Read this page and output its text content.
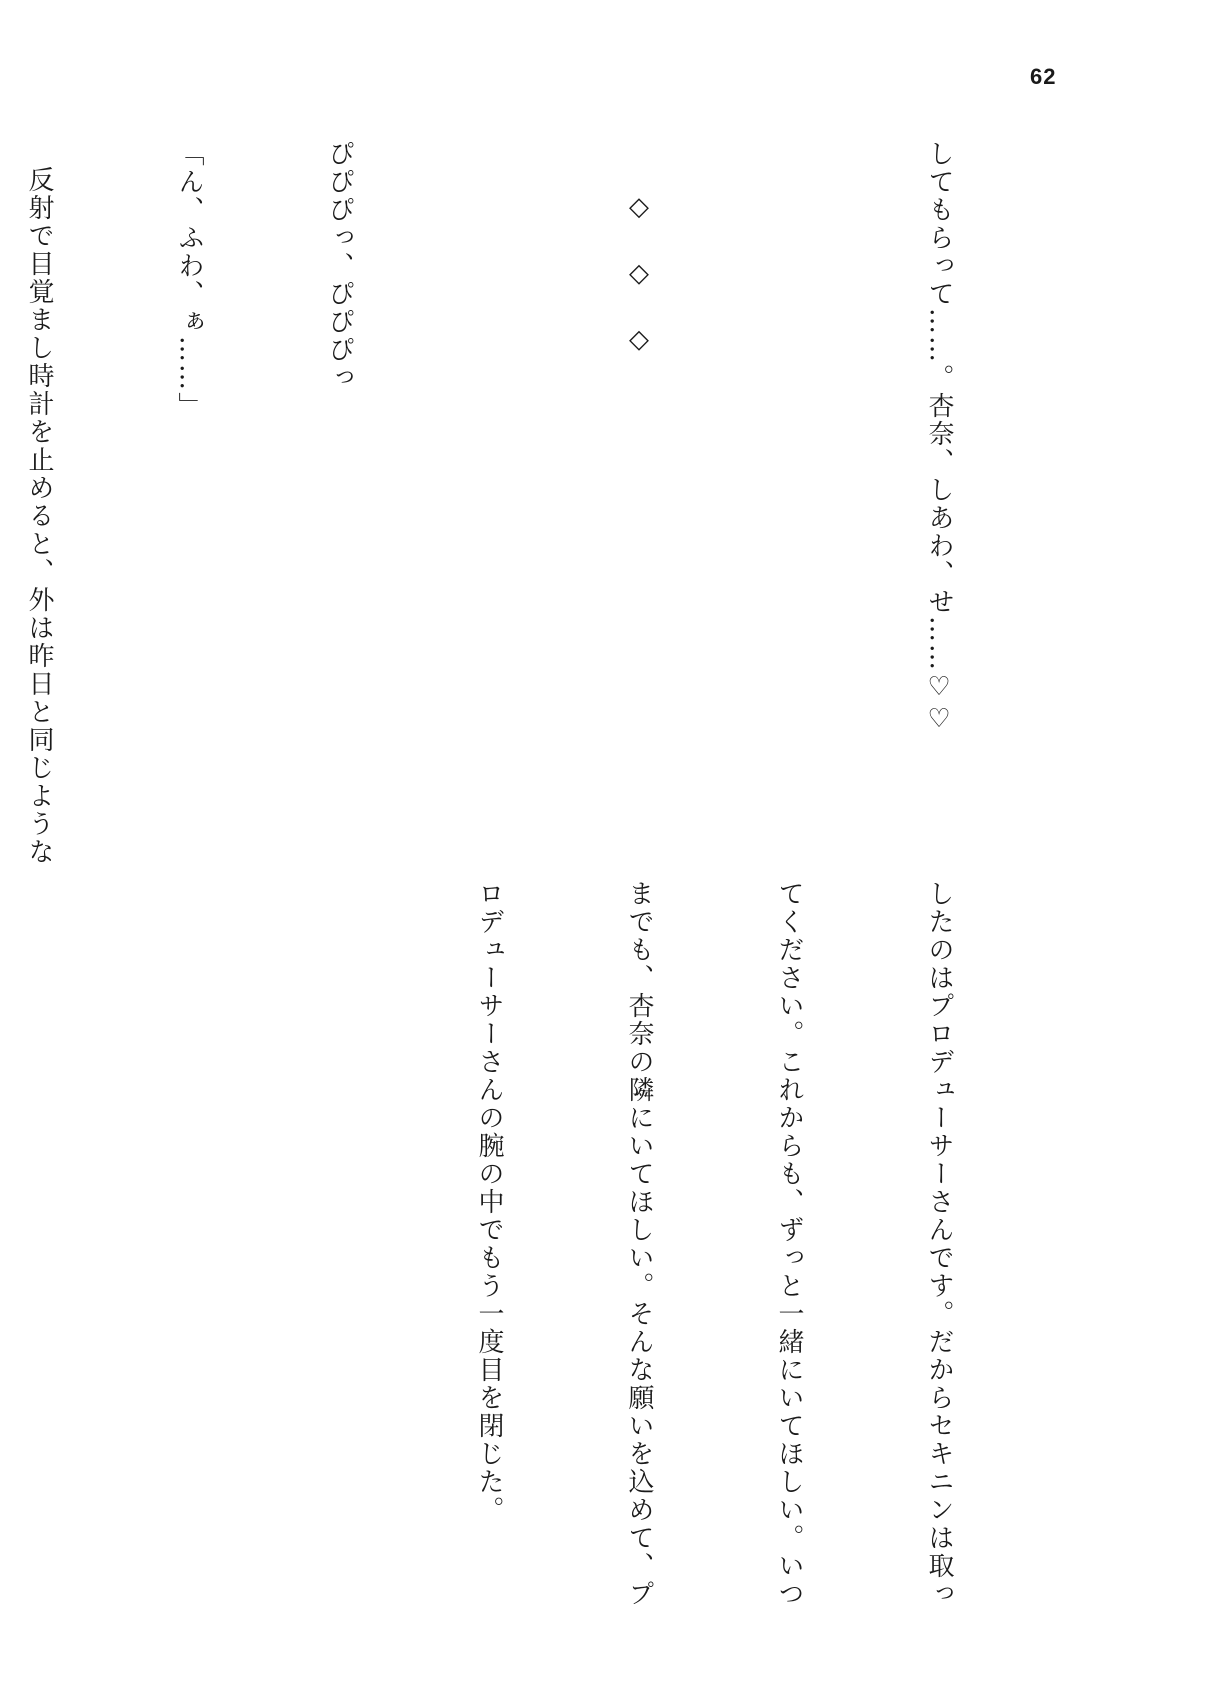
62

してもらって……。杏奈、しあわ、せ……♡♡

◇ ◇ ◇

ぴぴぴっ、ぴぴぴっ

「ん、ふわ、ぁ……」

反射で目覚まし時計を止めると、外は昨日と同じような

したのはプロデューサーさんです。だからセキニンは取っ

てください。これからも、ずっと一緒にいてほしい。いつ

までも、杏奈の隣にいてほしい。そんな願いを込めて、プ

ロデューサーさんの腕の中でもう一度目を閉じた。
